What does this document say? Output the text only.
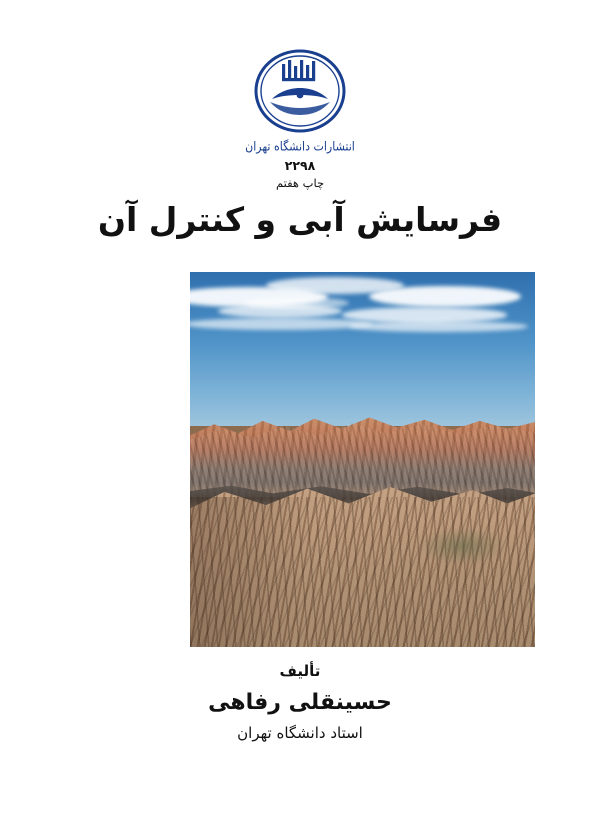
انتشارات دانشگاه تهران
۲۲۹۸
چاپ هفتم
فرسایش آبی و کنترل آن
تألیف
حسینقلی رفاهی
استاد دانشگاه تهران
